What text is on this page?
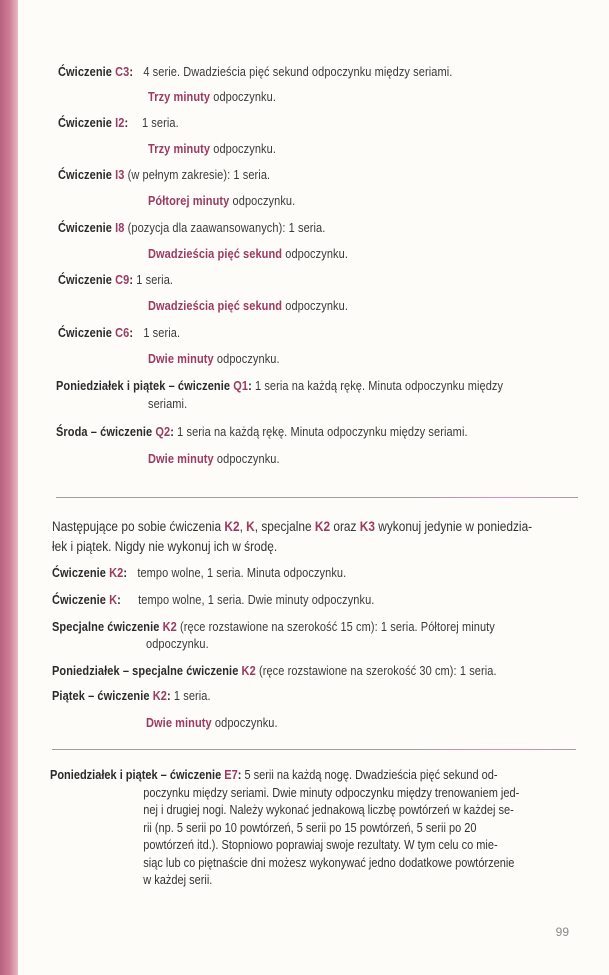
Ćwiczenie C3: 4 serie. Dwadzieścia pięć sekund odpoczynku między seriami.
Trzy minuty odpoczynku.
Ćwiczenie I2: 1 seria.
Trzy minuty odpoczynku.
Ćwiczenie I3 (w pełnym zakresie): 1 seria.
Półtorej minuty odpoczynku.
Ćwiczenie I8 (pozycja dla zaawansowanych): 1 seria.
Dwadzieścia pięć sekund odpoczynku.
Ćwiczenie C9: 1 seria.
Dwadzieścia pięć sekund odpoczynku.
Ćwiczenie C6: 1 seria.
Dwie minuty odpoczynku.
Poniedziałek i piątek – ćwiczenie Q1: 1 seria na każdą rękę. Minuta odpoczynku między
seriami.
Środa – ćwiczenie Q2: 1 seria na każdą rękę. Minuta odpoczynku między seriami.
Dwie minuty odpoczynku.
Następujące po sobie ćwiczenia K2, K, specjalne K2 oraz K3 wykonuj jedynie w poniedzia-
łek i piątek. Nigdy nie wykonuj ich w środę.
Ćwiczenie K2: tempo wolne, 1 seria. Minuta odpoczynku.
Ćwiczenie K: tempo wolne, 1 seria. Dwie minuty odpoczynku.
Specjalne ćwiczenie K2 (ręce rozstawione na szerokość 15 cm): 1 seria. Półtorej minuty
odpoczynku.
Poniedziałek – specjalne ćwiczenie K2 (ręce rozstawione na szerokość 30 cm): 1 seria.
Piątek – ćwiczenie K2: 1 seria.
Dwie minuty odpoczynku.
Poniedziałek i piątek – ćwiczenie E7: 5 serii na każdą nogę. Dwadzieścia pięć sekund od-
poczynku między seriami. Dwie minuty odpoczynku między trenowaniem jed-
nej i drugiej nogi. Należy wykonać jednakową liczbę powtórzeń w każdej se-
rii (np. 5 serii po 10 powtórzeń, 5 serii po 15 powtórzeń, 5 serii po 20
powtórzeń itd.). Stopniowo poprawiaj swoje rezultaty. W tym celu co mie-
siąc lub co piętnaście dni możesz wykonywać jedno dodatkowe powtórzenie
w każdej serii.
99
